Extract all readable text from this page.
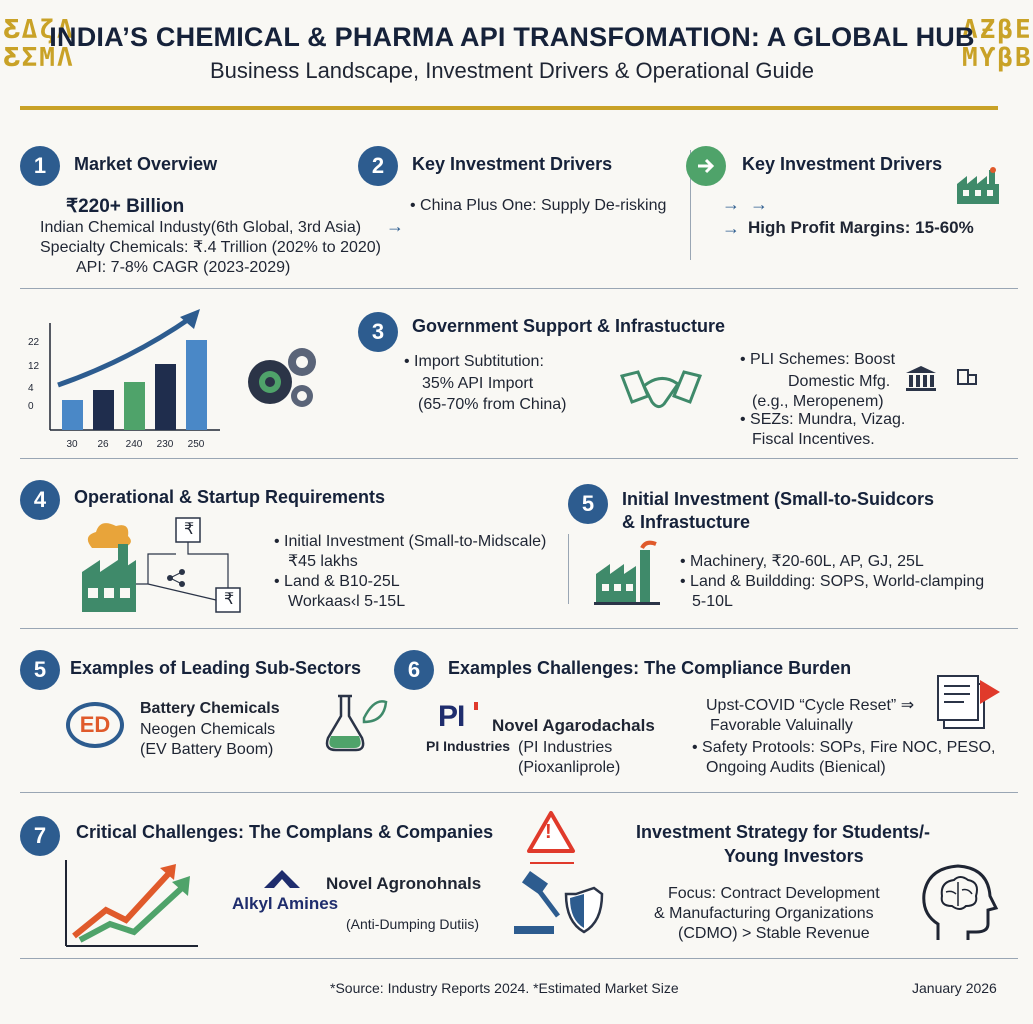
ƸΔζΛ
ƸΣΜΛ
ΛƵβΕ
ΜƳβΒ
INDIA’S CHEMICAL & PHARMA API TRANSFOMATION: A GLOBAL HUB
Business Landscape, Investment Drivers & Operational Guide
1	Market Overview
₹220+ Billion
Indian Chemical Industy(6th Global, 3rd Asia)
Specialty Chemicals: ₹.4 Trillion (202% to 2020)
API: 7-8% CAGR (2023-2029)
→
2	Key Investment Drivers
• China Plus One: Supply De-risking
Key Investment Drivers
→  →
→ High Profit Margins: 15-60%
22
12
4
0
30 26 240 230 250
3	Government Support & Infrastucture
• Import Subtitution:
35% API Import
(65-70% from China)
• PLI Schemes: Boost
Domestic Mfg.
(e.g., Meropenem)
• SEZs: Mundra, Vizag.
Fiscal Incentives.
4	Operational & Startup Requirements
₹
₹
• Initial Investment (Small-to-Midscale)
₹45 lakhs
• Land & B10-25L
Workaas‹l 5-15L
5	Initial Investment (Small-to-Suidcors
& Infrastucture
• Machinery, ₹20-60L, AP, GJ, 25L
• Land & Buildding: SOPS, World-clamping
5-10L
5	Examples of Leading Sub-Sectors
ED
Battery Chemicals
Neogen Chemicals
(EV Battery Boom)
6	Examples Challenges: The Compliance Burden
PI Novel Agarodachals
PI Industries (PI Industries
(Pioxanliprole)
Upst-COVID “Cycle Reset” ⇒
Favorable Valuinally
• Safety Protools: SOPs, Fire NOC, PESO,
Ongoing Audits (Bienical)
7	Critical Challenges: The Complans & Companies
Novel Agronohnals
Alkyl Amines
(Anti-Dumping Dutiis)
!	Investment Strategy for Students/-
Young Investors
Focus: Contract Development
& Manufacturing Organizations
(CDMO) > Stable Revenue
*Source: Industry Reports 2024. *Estimated Market Size	January 2026
